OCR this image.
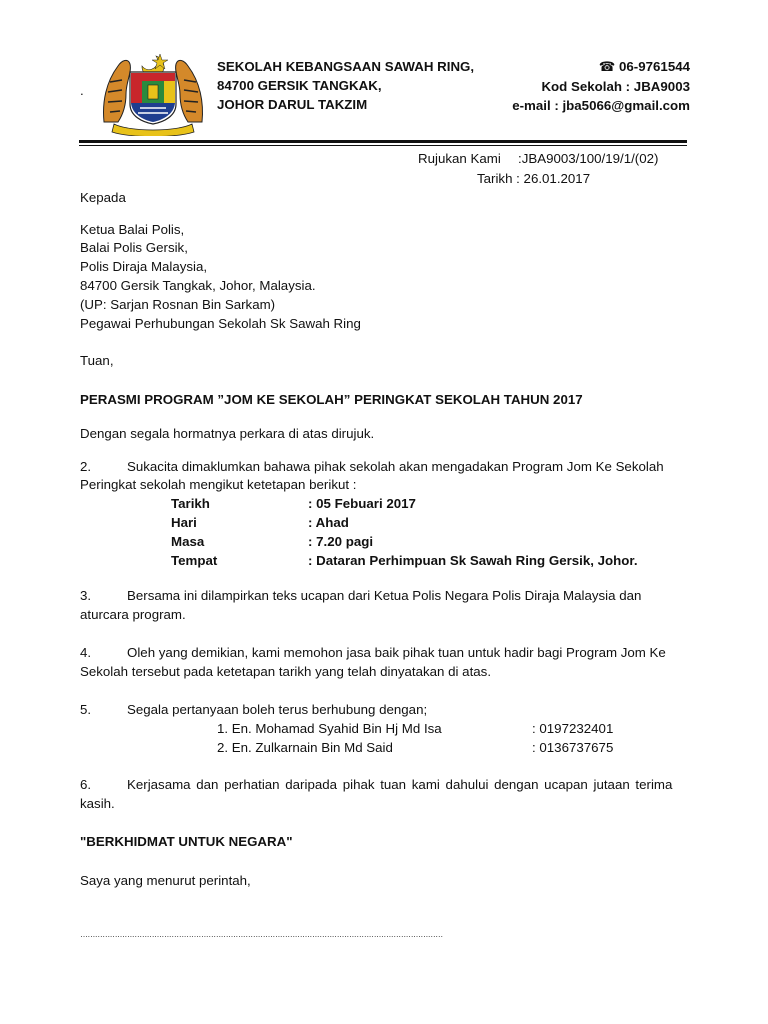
.
SEKOLAH KEBANGSAAN SAWAH RING,
84700 GERSIK TANGKAK,
JOHOR DARUL TAKZIM
☎ 06-9761544
Kod Sekolah : JBA9003
e-mail : jba5066@gmail.com
Rujukan Kami :JBA9003/100/19/1/(02)
Tarikh : 26.01.2017
Kepada
Ketua Balai Polis,
Balai Polis Gersik,
Polis Diraja Malaysia,
84700 Gersik Tangkak, Johor, Malaysia.
(UP: Sarjan Rosnan Bin Sarkam)
Pegawai Perhubungan Sekolah Sk Sawah Ring
Tuan,
PERASMI PROGRAM ”JOM KE SEKOLAH” PERINGKAT SEKOLAH TAHUN 2017
Dengan segala hormatnya perkara di atas dirujuk.
2.	Sukacita dimaklumkan bahawa pihak sekolah akan mengadakan Program Jom Ke Sekolah
Peringkat sekolah mengikut ketetapan berikut :
Tarikh	: 05 Febuari 2017
Hari	: Ahad
Masa	: 7.20 pagi
Tempat	: Dataran Perhimpuan Sk Sawah Ring Gersik, Johor.
3.	Bersama ini dilampirkan teks ucapan dari Ketua Polis Negara Polis Diraja Malaysia dan
aturcara program.
4.	Oleh yang demikian, kami memohon jasa baik pihak tuan untuk hadir bagi Program Jom Ke
Sekolah tersebut pada ketetapan tarikh yang telah dinyatakan di atas.
5.	Segala pertanyaan boleh terus berhubung dengan;
1. En. Mohamad Syahid Bin Hj Md Isa	: 0197232401
2. En. Zulkarnain Bin Md Said	: 0136737675
6.	Kerjasama dan perhatian daripada pihak tuan kami dahului dengan ucapan jutaan terima
kasih.
"BERKHIDMAT UNTUK NEGARA"
Saya yang menurut perintah,
…………………………………………………………………………………………………………………………………
